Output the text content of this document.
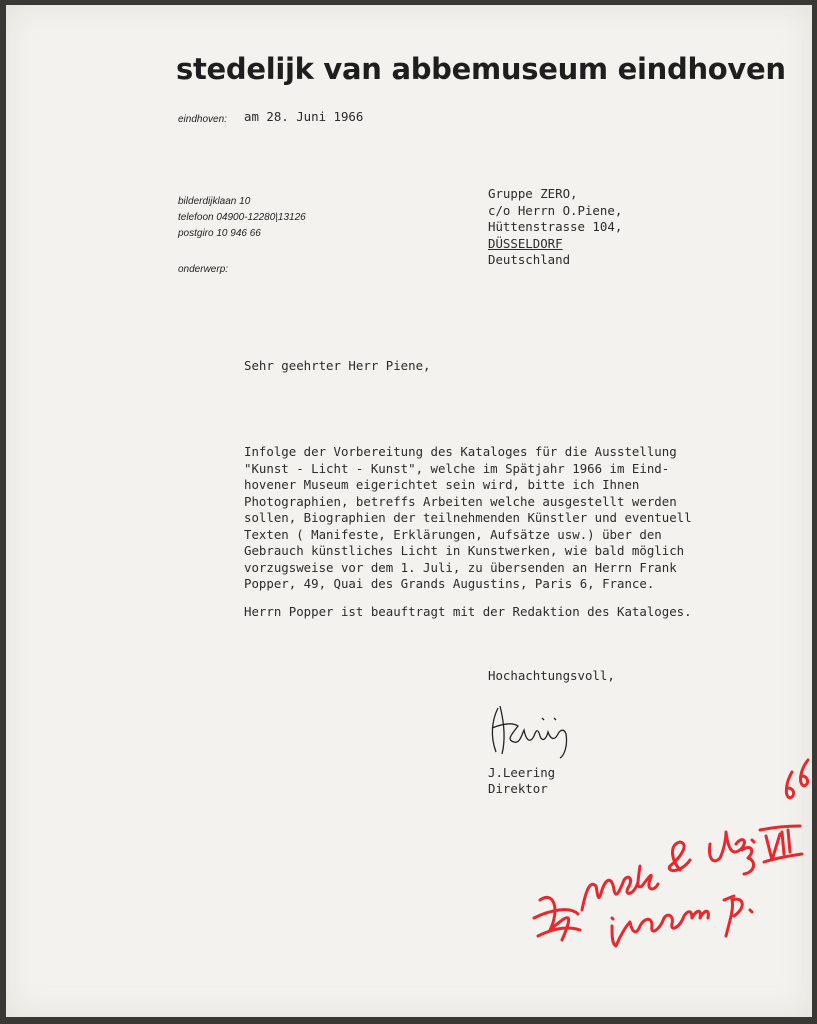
stedelijk van abbemuseum eindhoven
eindhoven: am 28. Juni 1966
bilderdijklaan 10
telefoon 04900-12280|13126
postgiro 10 946 66
onderwerp:
Gruppe ZERO,
c/o Herrn O.Piene,
Hüttenstrasse 104,
DÜSSELDORF
Deutschland
Sehr geehrter Herr Piene,
Infolge der Vorbereitung des Kataloges für die Ausstellung
"Kunst - Licht - Kunst", welche im Spätjahr 1966 im Eind-
hovener Museum eigerichtet sein wird, bitte ich Ihnen
Photographien, betreffs Arbeiten welche ausgestellt werden
sollen, Biographien der teilnehmenden Künstler und eventuell
Texten ( Manifeste, Erklärungen, Aufsätze usw.) über den
Gebrauch künstliches Licht in Kunstwerken, wie bald möglich
vorzugsweise vor dem 1. Juli, zu übersenden an Herrn Frank
Popper, 49, Quai des Grands Augustins, Paris 6, France.
Herrn Popper ist beauftragt mit der Redaktion des Kataloges.
Hochachtungsvoll,
J.Leering
Direktor
